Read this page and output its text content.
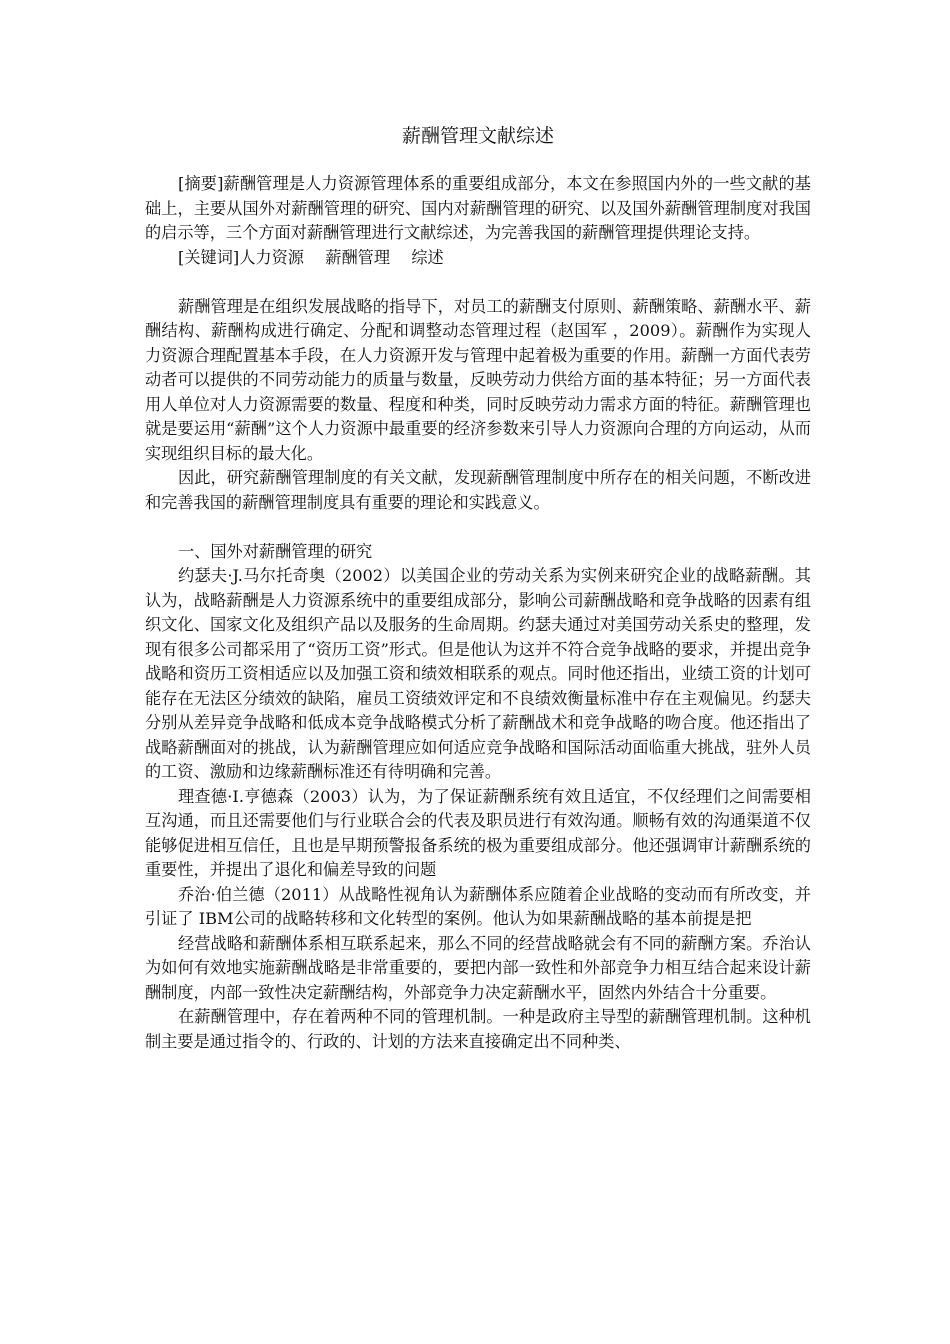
薪酬管理文献综述

[摘要]薪酬管理是人力资源管理体系的重要组成部分，本文在参照国内外的一些文献的基础上，主要从国外对薪酬管理的研究、国内对薪酬管理的研究、以及国外薪酬管理制度对我国的启示等，三个方面对薪酬管理进行文献综述，为完善我国的薪酬管理提供理论支持。

[关键词]人力资源　 薪酬管理　 综述

薪酬管理是在组织发展战略的指导下，对员工的薪酬支付原则、薪酬策略、薪酬水平、薪酬结构、薪酬构成进行确定、分配和调整动态管理过程（赵国军 ，2009）。薪酬作为实现人力资源合理配置基本手段，在人力资源开发与管理中起着极为重要的作用。薪酬一方面代表劳动者可以提供的不同劳动能力的质量与数量，反映劳动力供给方面的基本特征；另一方面代表用人单位对人力资源需要的数量、程度和种类，同时反映劳动力需求方面的特征。薪酬管理也就是要运用“薪酬”这个人力资源中最重要的经济参数来引导人力资源向合理的方向运动，从而实现组织目标的最大化。

因此，研究薪酬管理制度的有关文献，发现薪酬管理制度中所存在的相关问题，不断改进和完善我国的薪酬管理制度具有重要的理论和实践意义。

一、国外对薪酬管理的研究

约瑟夫·J.马尔托奇奥（2002）以美国企业的劳动关系为实例来研究企业的战略薪酬。其认为，战略薪酬是人力资源系统中的重要组成部分，影响公司薪酬战略和竞争战略的因素有组织文化、国家文化及组织产品以及服务的生命周期。约瑟夫通过对美国劳动关系史的整理，发现有很多公司都采用了“资历工资”形式。但是他认为这并不符合竞争战略的要求，并提出竞争战略和资历工资相适应以及加强工资和绩效相联系的观点。同时他还指出，业绩工资的计划可能存在无法区分绩效的缺陷，雇员工资绩效评定和不良绩效衡量标准中存在主观偏见。约瑟夫分别从差异竞争战略和低成本竞争战略模式分析了薪酬战术和竞争战略的吻合度。他还指出了战略薪酬面对的挑战，认为薪酬管理应如何适应竞争战略和国际活动面临重大挑战，驻外人员的工资、激励和边缘薪酬标准还有待明确和完善。

理查德·I.亨德森（2003）认为，为了保证薪酬系统有效且适宜，不仅经理们之间需要相互沟通，而且还需要他们与行业联合会的代表及职员进行有效沟通。顺畅有效的沟通渠道不仅能够促进相互信任，且也是早期预警报备系统的极为重要组成部分。他还强调审计薪酬系统的重要性，并提出了退化和偏差导致的问题

乔治·伯兰德（2011）从战略性视角认为薪酬体系应随着企业战略的变动而有所改变，并引证了 IBM公司的战略转移和文化转型的案例。他认为如果薪酬战略的基本前提是把

经营战略和薪酬体系相互联系起来，那么不同的经营战略就会有不同的薪酬方案。乔治认为如何有效地实施薪酬战略是非常重要的，要把内部一致性和外部竞争力相互结合起来设计薪酬制度，内部一致性决定薪酬结构，外部竞争力决定薪酬水平，固然内外结合十分重要。

在薪酬管理中，存在着两种不同的管理机制。一种是政府主导型的薪酬管理机制。这种机制主要是通过指令的、行政的、计划的方法来直接确定出不同种类、
